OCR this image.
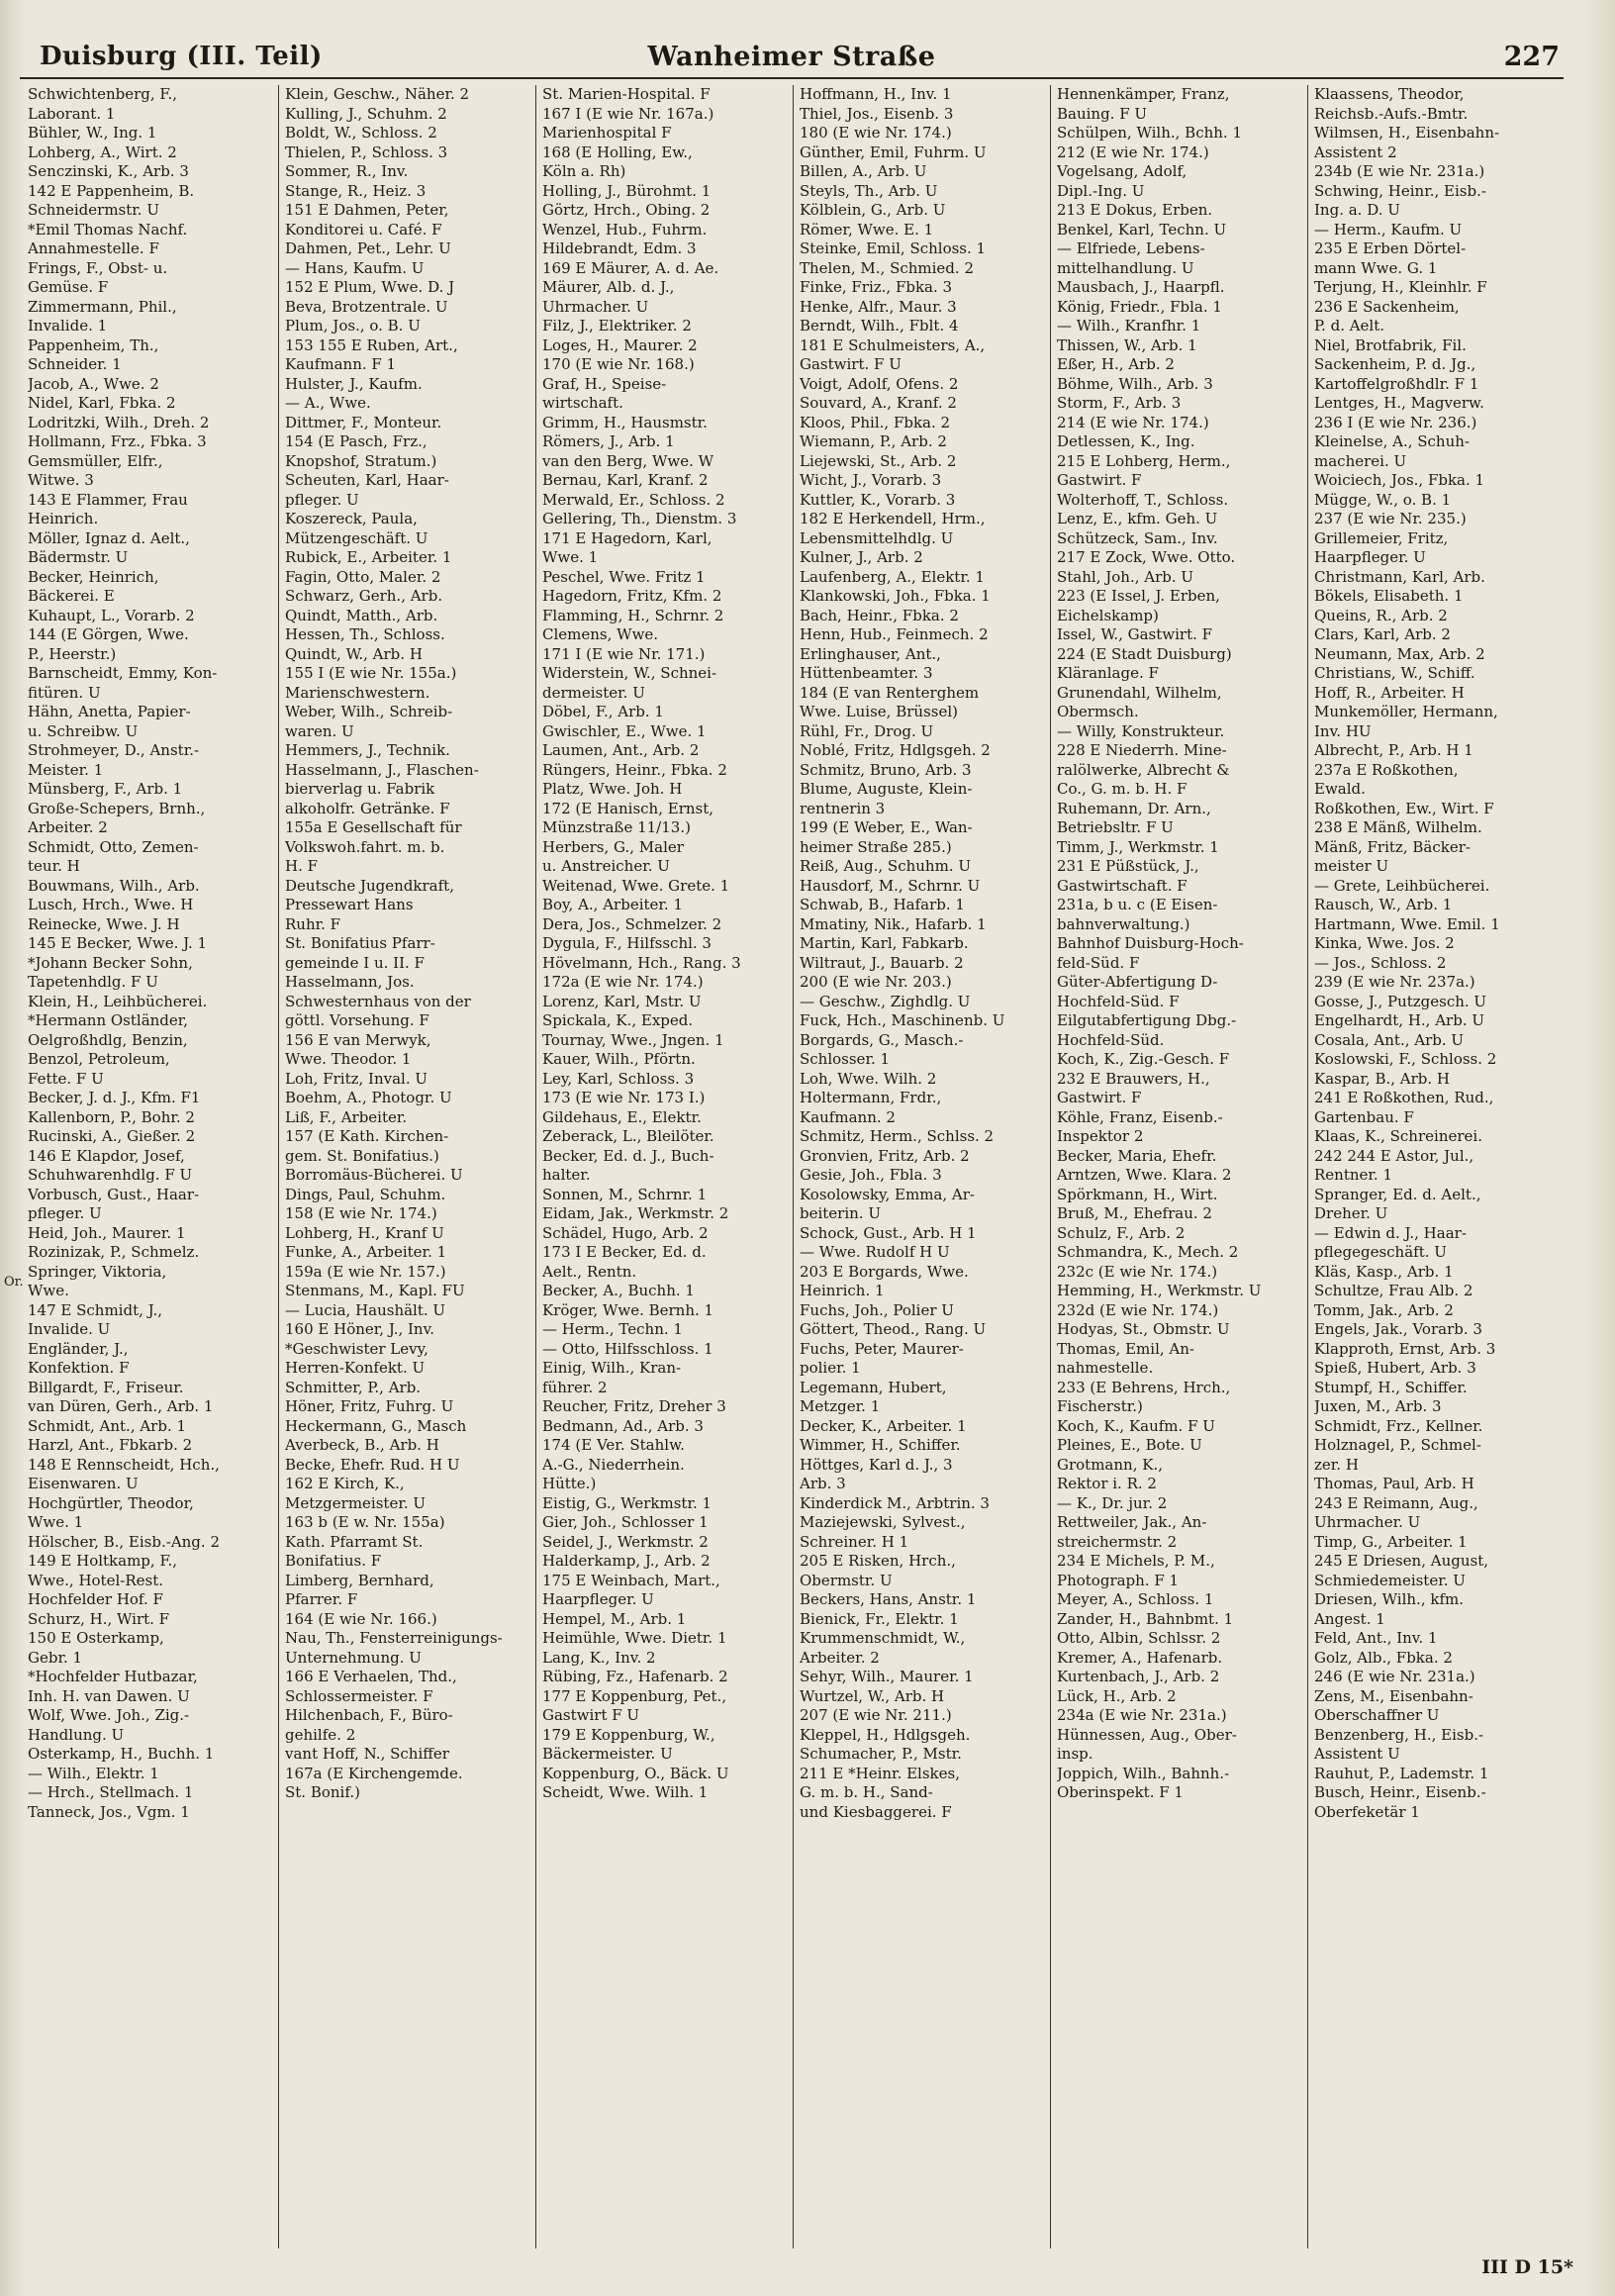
Or.
Duisburg (III. Teil)	Wanheimer Straße	227
Schwichtenberg, F.,
Laborant. 1
Bühler, W., Ing. 1
Lohberg, A., Wirt. 2
Senczinski, K., Arb. 3
142 E Pappenheim, B.
Schneidermstr. U
*Emil Thomas Nachf.
Annahmestelle. F
Frings, F., Obst- u.
Gemüse. F
Zimmermann, Phil.,
Invalide. 1
Pappenheim, Th.,
Schneider. 1
Jacob, A., Wwe. 2
Nidel, Karl, Fbka. 2
Lodritzki, Wilh., Dreh. 2
Hollmann, Frz., Fbka. 3
Gemsmüller, Elfr.,
Witwe. 3
143 E Flammer, Frau
Heinrich.
Möller, Ignaz d. Aelt.,
Bädermstr. U
Becker, Heinrich,
Bäckerei. E
Kuhaupt, L., Vorarb. 2
144 (E Görgen, Wwe.
P., Heerstr.)
Barnscheidt, Emmy, Kon-
fitüren. U
Hähn, Anetta, Papier-
u. Schreibw. U
Strohmeyer, D., Anstr.-
Meister. 1
Münsberg, F., Arb. 1
Große-Schepers, Brnh.,
Arbeiter. 2
Schmidt, Otto, Zemen-
teur. H
Bouwmans, Wilh., Arb.
Lusch, Hrch., Wwe. H
Reinecke, Wwe. J. H
145 E Becker, Wwe. J. 1
*Johann Becker Sohn,
Tapetenhdlg. F U
Klein, H., Leihbücherei.
*Hermann Ostländer,
Oelgroßhdlg, Benzin,
Benzol, Petroleum,
Fette. F U
Becker, J. d. J., Kfm. F1
Kallenborn, P., Bohr. 2
Rucinski, A., Gießer. 2
146 E Klapdor, Josef,
Schuhwarenhdlg. F U
Vorbusch, Gust., Haar-
pfleger. U
Heid, Joh., Maurer. 1
Rozinizak, P., Schmelz.
Springer, Viktoria,
Wwe.
147 E Schmidt, J.,
Invalide. U
Engländer, J.,
Konfektion. F
Billgardt, F., Friseur.
van Düren, Gerh., Arb. 1
Schmidt, Ant., Arb. 1
Harzl, Ant., Fbkarb. 2
148 E Rennscheidt, Hch.,
Eisenwaren. U
Hochgürtler, Theodor,
Wwe. 1
Hölscher, B., Eisb.-Ang. 2
149 E Holtkamp, F.,
Wwe., Hotel-Rest.
Hochfelder Hof. F
Schurz, H., Wirt. F
150 E Osterkamp,
Gebr. 1
*Hochfelder Hutbazar,
Inh. H. van Dawen. U
Wolf, Wwe. Joh., Zig.-
Handlung. U
Osterkamp, H., Buchh. 1
— Wilh., Elektr. 1
— Hrch., Stellmach. 1
Tanneck, Jos., Vgm. 1
Klein, Geschw., Näher. 2
Kulling, J., Schuhm. 2
Boldt, W., Schloss. 2
Thielen, P., Schloss. 3
Sommer, R., Inv.
Stange, R., Heiz. 3
151 E Dahmen, Peter,
Konditorei u. Café. F
Dahmen, Pet., Lehr. U
— Hans, Kaufm. U
152 E Plum, Wwe. D. J
Beva, Brotzentrale. U
Plum, Jos., o. B. U
153 155 E Ruben, Art.,
Kaufmann. F 1
Hulster, J., Kaufm.
— A., Wwe.
Dittmer, F., Monteur.
154 (E Pasch, Frz.,
Knopshof, Stratum.)
Scheuten, Karl, Haar-
pfleger. U
Koszereck, Paula,
Mützengeschäft. U
Rubick, E., Arbeiter. 1
Fagin, Otto, Maler. 2
Schwarz, Gerh., Arb.
Quindt, Matth., Arb.
Hessen, Th., Schloss.
Quindt, W., Arb. H
155 I (E wie Nr. 155a.)
Marienschwestern.
Weber, Wilh., Schreib-
waren. U
Hemmers, J., Technik.
Hasselmann, J., Flaschen-
bierverlag u. Fabrik
alkoholfr. Getränke. F
155a E Gesellschaft für
Volkswoh.fahrt. m. b.
H. F
Deutsche Jugendkraft,
Pressewart Hans
Ruhr. F
St. Bonifatius Pfarr-
gemeinde I u. II. F
Hasselmann, Jos.
Schwesternhaus von der
göttl. Vorsehung. F
156 E van Merwyk,
Wwe. Theodor. 1
Loh, Fritz, Inval. U
Boehm, A., Photogr. U
Liß, F., Arbeiter.
157 (E Kath. Kirchen-
gem. St. Bonifatius.)
Borromäus-Bücherei. U
Dings, Paul, Schuhm.
158 (E wie Nr. 174.)
Lohberg, H., Kranf U
Funke, A., Arbeiter. 1
159a (E wie Nr. 157.)
Stenmans, M., Kapl. FU
— Lucia, Haushält. U
160 E Höner, J., Inv.
*Geschwister Levy,
Herren-Konfekt. U
Schmitter, P., Arb.
Höner, Fritz, Fuhrg. U
Heckermann, G., Masch
Averbeck, B., Arb. H
Becke, Ehefr. Rud. H U
162 E Kirch, K.,
Metzgermeister. U
163 b (E w. Nr. 155a)
Kath. Pfarramt St.
Bonifatius. F
Limberg, Bernhard,
Pfarrer. F
164 (E wie Nr. 166.)
Nau, Th., Fensterreinigungs-
Unternehmung. U
166 E Verhaelen, Thd.,
Schlossermeister. F
Hilchenbach, F., Büro-
gehilfe. 2
vant Hoff, N., Schiffer
167a (E Kirchengemde.
St. Bonif.)
St. Marien-Hospital. F
167 I (E wie Nr. 167a.)
Marienhospital F
168 (E Holling, Ew.,
Köln a. Rh)
Holling, J., Bürohmt. 1
Görtz, Hrch., Obing. 2
Wenzel, Hub., Fuhrm.
Hildebrandt, Edm. 3
169 E Mäurer, A. d. Ae.
Mäurer, Alb. d. J.,
Uhrmacher. U
Filz, J., Elektriker. 2
Loges, H., Maurer. 2
170 (E wie Nr. 168.)
Graf, H., Speise-
wirtschaft.
Grimm, H., Hausmstr.
Römers, J., Arb. 1
van den Berg, Wwe. W
Bernau, Karl, Kranf. 2
Merwald, Er., Schloss. 2
Gellering, Th., Dienstm. 3
171 E Hagedorn, Karl,
Wwe. 1
Peschel, Wwe. Fritz 1
Hagedorn, Fritz, Kfm. 2
Flamming, H., Schrnr. 2
Clemens, Wwe.
171 I (E wie Nr. 171.)
Widerstein, W., Schnei-
dermeister. U
Döbel, F., Arb. 1
Gwischler, E., Wwe. 1
Laumen, Ant., Arb. 2
Rüngers, Heinr., Fbka. 2
Platz, Wwe. Joh. H
172 (E Hanisch, Ernst,
Münzstraße 11/13.)
Herbers, G., Maler
u. Anstreicher. U
Weitenad, Wwe. Grete. 1
Boy, A., Arbeiter. 1
Dera, Jos., Schmelzer. 2
Dygula, F., Hilfsschl. 3
Hövelmann, Hch., Rang. 3
172a (E wie Nr. 174.)
Lorenz, Karl, Mstr. U
Spickala, K., Exped.
Tournay, Wwe., Jngen. 1
Kauer, Wilh., Pförtn.
Ley, Karl, Schloss. 3
173 (E wie Nr. 173 I.)
Gildehaus, E., Elektr.
Zeberack, L., Bleilöter.
Becker, Ed. d. J., Buch-
halter.
Sonnen, M., Schrnr. 1
Eidam, Jak., Werkmstr. 2
Schädel, Hugo, Arb. 2
173 I E Becker, Ed. d.
Aelt., Rentn.
Becker, A., Buchh. 1
Kröger, Wwe. Bernh. 1
— Herm., Techn. 1
— Otto, Hilfsschloss. 1
Einig, Wilh., Kran-
führer. 2
Reucher, Fritz, Dreher 3
Bedmann, Ad., Arb. 3
174 (E Ver. Stahlw.
A.-G., Niederrhein.
Hütte.)
Eistig, G., Werkmstr. 1
Gier, Joh., Schlosser 1
Seidel, J., Werkmstr. 2
Halderkamp, J., Arb. 2
175 E Weinbach, Mart.,
Haarpfleger. U
Hempel, M., Arb. 1
Heimühle, Wwe. Dietr. 1
Lang, K., Inv. 2
Rübing, Fz., Hafenarb. 2
177 E Koppenburg, Pet.,
Gastwirt F U
179 E Koppenburg, W.,
Bäckermeister. U
Koppenburg, O., Bäck. U
Scheidt, Wwe. Wilh. 1
Hoffmann, H., Inv. 1
Thiel, Jos., Eisenb. 3
180 (E wie Nr. 174.)
Günther, Emil, Fuhrm. U
Billen, A., Arb. U
Steyls, Th., Arb. U
Kölblein, G., Arb. U
Römer, Wwe. E. 1
Steinke, Emil, Schloss. 1
Thelen, M., Schmied. 2
Finke, Friz., Fbka. 3
Henke, Alfr., Maur. 3
Berndt, Wilh., Fblt. 4
181 E Schulmeisters, A.,
Gastwirt. F U
Voigt, Adolf, Ofens. 2
Souvard, A., Kranf. 2
Kloos, Phil., Fbka. 2
Wiemann, P., Arb. 2
Liejewski, St., Arb. 2
Wicht, J., Vorarb. 3
Kuttler, K., Vorarb. 3
182 E Herkendell, Hrm.,
Lebensmittelhdlg. U
Kulner, J., Arb. 2
Laufenberg, A., Elektr. 1
Klankowski, Joh., Fbka. 1
Bach, Heinr., Fbka. 2
Henn, Hub., Feinmech. 2
Erlinghauser, Ant.,
Hüttenbeamter. 3
184 (E van Renterghem
Wwe. Luise, Brüssel)
Rühl, Fr., Drog. U
Noblé, Fritz, Hdlgsgeh. 2
Schmitz, Bruno, Arb. 3
Blume, Auguste, Klein-
rentnerin 3
199 (E Weber, E., Wan-
heimer Straße 285.)
Reiß, Aug., Schuhm. U
Hausdorf, M., Schrnr. U
Schwab, B., Hafarb. 1
Mmatiny, Nik., Hafarb. 1
Martin, Karl, Fabkarb.
Wiltraut, J., Bauarb. 2
200 (E wie Nr. 203.)
— Geschw., Zighdlg. U
Fuck, Hch., Maschinenb. U
Borgards, G., Masch.-
Schlosser. 1
Loh, Wwe. Wilh. 2
Holtermann, Frdr.,
Kaufmann. 2
Schmitz, Herm., Schlss. 2
Gronvien, Fritz, Arb. 2
Gesie, Joh., Fbla. 3
Kosolowsky, Emma, Ar-
beiterin. U
Schock, Gust., Arb. H 1
— Wwe. Rudolf H U
203 E Borgards, Wwe.
Heinrich. 1
Fuchs, Joh., Polier U
Göttert, Theod., Rang. U
Fuchs, Peter, Maurer-
polier. 1
Legemann, Hubert,
Metzger. 1
Decker, K., Arbeiter. 1
Wimmer, H., Schiffer.
Höttges, Karl d. J., 3
Arb. 3
Kinderdick M., Arbtrin. 3
Maziejewski, Sylvest.,
Schreiner. H 1
205 E Risken, Hrch.,
Obermstr. U
Beckers, Hans, Anstr. 1
Bienick, Fr., Elektr. 1
Krummenschmidt, W.,
Arbeiter. 2
Sehyr, Wilh., Maurer. 1
Wurtzel, W., Arb. H
207 (E wie Nr. 211.)
Kleppel, H., Hdlgsgeh.
Schumacher, P., Mstr.
211 E *Heinr. Elskes,
G. m. b. H., Sand-
und Kiesbaggerei. F
Hennenkämper, Franz,
Bauing. F U
Schülpen, Wilh., Bchh. 1
212 (E wie Nr. 174.)
Vogelsang, Adolf,
Dipl.-Ing. U
213 E Dokus, Erben.
Benkel, Karl, Techn. U
— Elfriede, Lebens-
mittelhandlung. U
Mausbach, J., Haarpfl.
König, Friedr., Fbla. 1
— Wilh., Kranfhr. 1
Thissen, W., Arb. 1
Eßer, H., Arb. 2
Böhme, Wilh., Arb. 3
Storm, F., Arb. 3
214 (E wie Nr. 174.)
Detlessen, K., Ing.
215 E Lohberg, Herm.,
Gastwirt. F
Wolterhoff, T., Schloss.
Lenz, E., kfm. Geh. U
Schützeck, Sam., Inv.
217 E Zock, Wwe. Otto.
Stahl, Joh., Arb. U
223 (E Issel, J. Erben,
Eichelskamp)
Issel, W., Gastwirt. F
224 (E Stadt Duisburg)
Kläranlage. F
Grunendahl, Wilhelm,
Obermsch.
— Willy, Konstrukteur.
228 E Niederrh. Mine-
ralölwerke, Albrecht &
Co., G. m. b. H. F
Ruhemann, Dr. Arn.,
Betriebsltr. F U
Timm, J., Werkmstr. 1
231 E Püßstück, J.,
Gastwirtschaft. F
231a, b u. c (E Eisen-
bahnverwaltung.)
Bahnhof Duisburg-Hoch-
feld-Süd. F
Güter-Abfertigung D-
Hochfeld-Süd. F
Eilgutabfertigung Dbg.-
Hochfeld-Süd.
Koch, K., Zig.-Gesch. F
232 E Brauwers, H.,
Gastwirt. F
Köhle, Franz, Eisenb.-
Inspektor 2
Becker, Maria, Ehefr.
Arntzen, Wwe. Klara. 2
Spörkmann, H., Wirt.
Bruß, M., Ehefrau. 2
Schulz, F., Arb. 2
Schmandra, K., Mech. 2
232c (E wie Nr. 174.)
Hemming, H., Werkmstr. U
232d (E wie Nr. 174.)
Hodyas, St., Obmstr. U
Thomas, Emil, An-
nahmestelle.
233 (E Behrens, Hrch.,
Fischerstr.)
Koch, K., Kaufm. F U
Pleines, E., Bote. U
Grotmann, K.,
Rektor i. R. 2
— K., Dr. jur. 2
Rettweiler, Jak., An-
streichermstr. 2
234 E Michels, P. M.,
Photograph. F 1
Meyer, A., Schloss. 1
Zander, H., Bahnbmt. 1
Otto, Albin, Schlssr. 2
Kremer, A., Hafenarb.
Kurtenbach, J., Arb. 2
Lück, H., Arb. 2
234a (E wie Nr. 231a.)
Hünnessen, Aug., Ober-
insp.
Joppich, Wilh., Bahnh.-
Oberinspekt. F 1
Klaassens, Theodor,
Reichsb.-Aufs.-Bmtr.
Wilmsen, H., Eisenbahn-
Assistent 2
234b (E wie Nr. 231a.)
Schwing, Heinr., Eisb.-
Ing. a. D. U
— Herm., Kaufm. U
235 E Erben Dörtel-
mann Wwe. G. 1
Terjung, H., Kleinhlr. F
236 E Sackenheim,
P. d. Aelt.
Niel, Brotfabrik, Fil.
Sackenheim, P. d. Jg.,
Kartoffelgroßhdlr. F 1
Lentges, H., Magverw.
236 I (E wie Nr. 236.)
Kleinelse, A., Schuh-
macherei. U
Woiciech, Jos., Fbka. 1
Mügge, W., o. B. 1
237 (E wie Nr. 235.)
Grillemeier, Fritz,
Haarpfleger. U
Christmann, Karl, Arb.
Bökels, Elisabeth. 1
Queins, R., Arb. 2
Clars, Karl, Arb. 2
Neumann, Max, Arb. 2
Christians, W., Schiff.
Hoff, R., Arbeiter. H
Munkemöller, Hermann,
Inv. HU
Albrecht, P., Arb. H 1
237a E Roßkothen,
Ewald.
Roßkothen, Ew., Wirt. F
238 E Mänß, Wilhelm.
Mänß, Fritz, Bäcker-
meister U
— Grete, Leihbücherei.
Rausch, W., Arb. 1
Hartmann, Wwe. Emil. 1
Kinka, Wwe. Jos. 2
— Jos., Schloss. 2
239 (E wie Nr. 237a.)
Gosse, J., Putzgesch. U
Engelhardt, H., Arb. U
Cosala, Ant., Arb. U
Koslowski, F., Schloss. 2
Kaspar, B., Arb. H
241 E Roßkothen, Rud.,
Gartenbau. F
Klaas, K., Schreinerei.
242 244 E Astor, Jul.,
Rentner. 1
Spranger, Ed. d. Aelt.,
Dreher. U
— Edwin d. J., Haar-
pflegegeschäft. U
Kläs, Kasp., Arb. 1
Schultze, Frau Alb. 2
Tomm, Jak., Arb. 2
Engels, Jak., Vorarb. 3
Klapproth, Ernst, Arb. 3
Spieß, Hubert, Arb. 3
Stumpf, H., Schiffer.
Juxen, M., Arb. 3
Schmidt, Frz., Kellner.
Holznagel, P., Schmel-
zer. H
Thomas, Paul, Arb. H
243 E Reimann, Aug.,
Uhrmacher. U
Timp, G., Arbeiter. 1
245 E Driesen, August,
Schmiedemeister. U
Driesen, Wilh., kfm.
Angest. 1
Feld, Ant., Inv. 1
Golz, Alb., Fbka. 2
246 (E wie Nr. 231a.)
Zens, M., Eisenbahn-
Oberschaffner U
Benzenberg, H., Eisb.-
Assistent U
Rauhut, P., Lademstr. 1
Busch, Heinr., Eisenb.-
Oberfeketär 1
III D 15*
